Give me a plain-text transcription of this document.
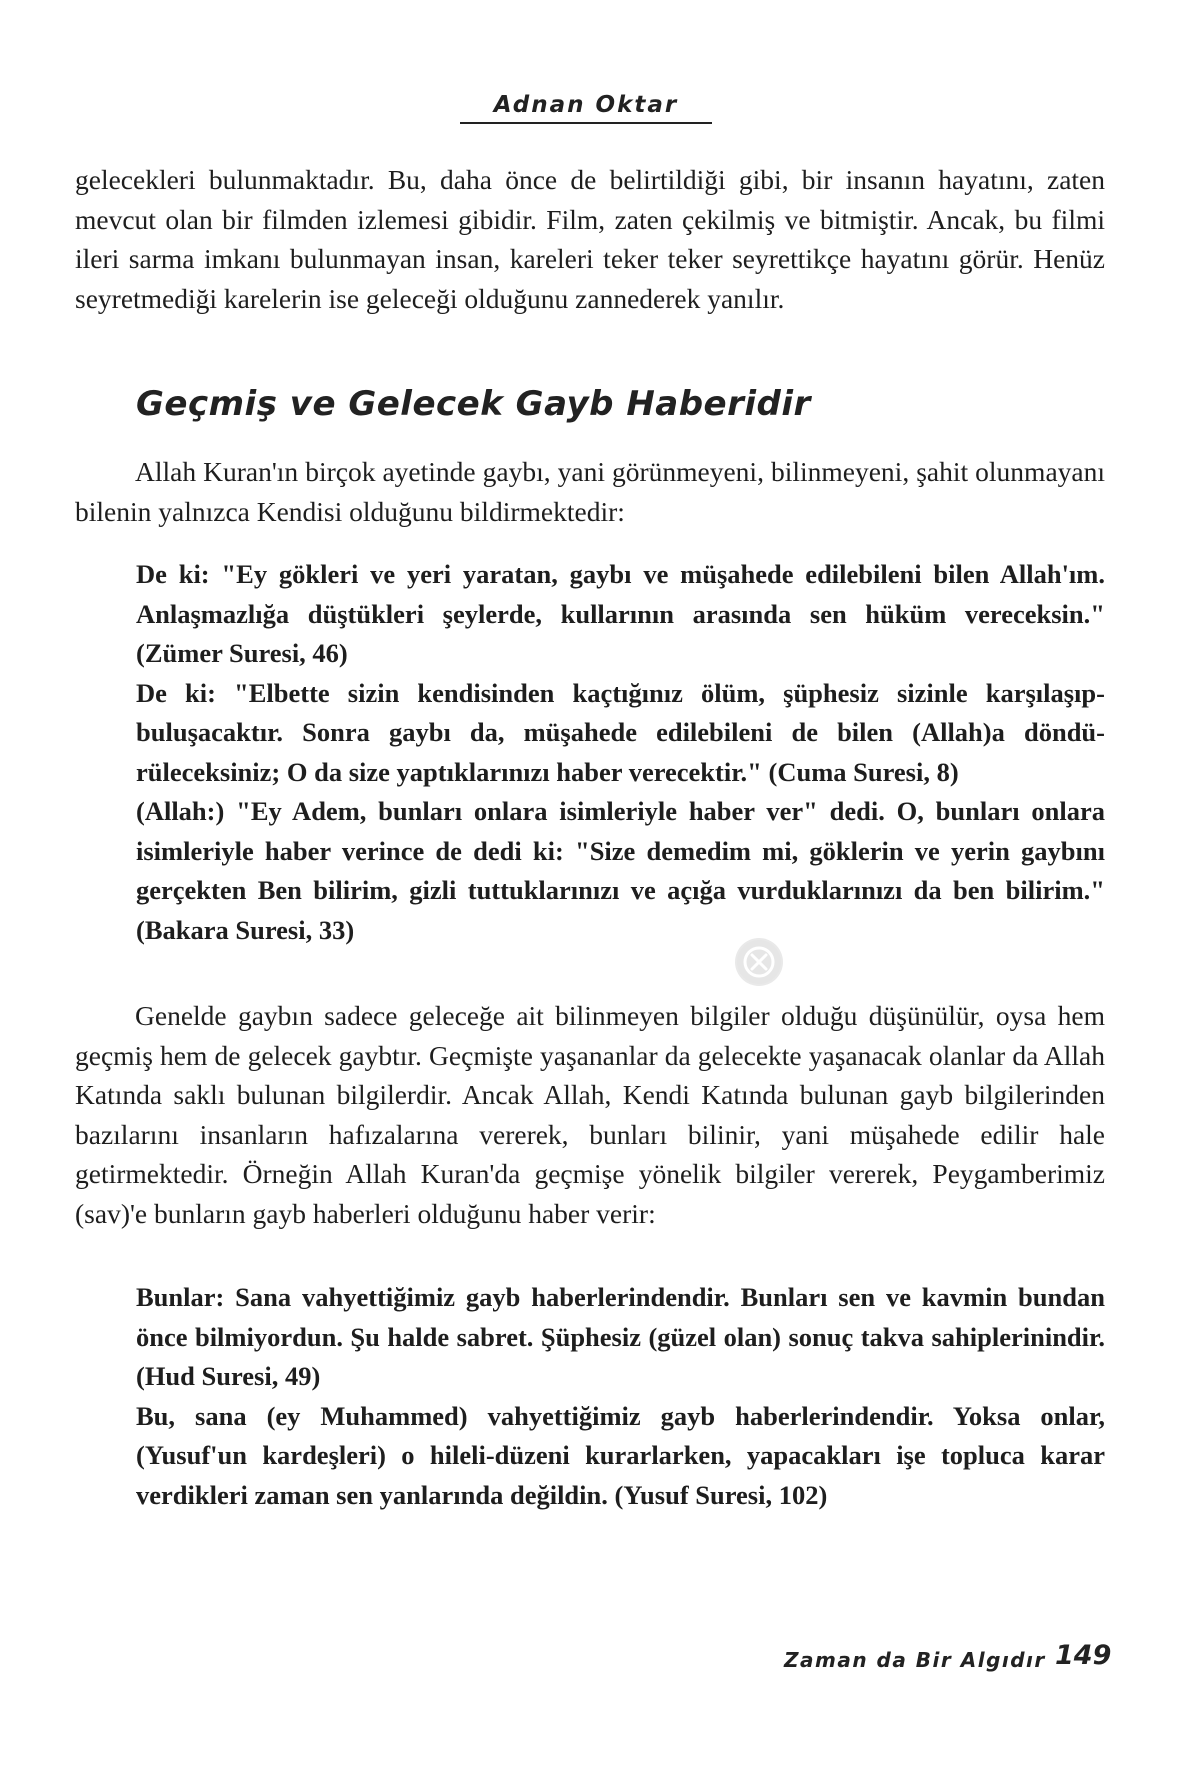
Adnan Oktar

gelecekleri bulunmaktadır. Bu, daha önce de belirtildiği gibi, bir insanın hayatını, zaten mevcut olan bir filmden izlemesi gibidir. Film, zaten çekilmiş ve bitmiştir. Ancak, bu filmi ileri sarma imkanı bulunmayan insan, kareleri teker teker seyrettikçe hayatını görür. Henüz seyretmediği karelerin ise geleceği olduğunu zannederek yanılır.

Geçmiş ve Gelecek Gayb Haberidir

Allah Kuran'ın birçok ayetinde gaybı, yani görünmeyeni, bilinmeyeni, şahit olunmayanı bilenin yalnızca Kendisi olduğunu bildirmektedir:

De ki: "Ey gökleri ve yeri yaratan, gaybı ve müşahede edilebileni bilen Allah'ım. Anlaşmazlığa düştükleri şeylerde, kullarının arasında sen hüküm vereceksin." (Zümer Suresi, 46)

De ki: "Elbette sizin kendisinden kaçtığınız ölüm, şüphesiz sizinle karşılaşıpbuluşacaktır. Sonra gaybı da, müşahede edilebileni de bilen (Allah)a döndürüleceksiniz; O da size yaptıklarınızı haber verecektir." (Cuma Suresi, 8)

(Allah:) "Ey Adem, bunları onlara isimleriyle haber ver" dedi. O, bunları onlara isimleriyle haber verince de dedi ki: "Size demedim mi, göklerin ve yerin gaybını gerçekten Ben bilirim, gizli tuttuklarınızı ve açığa vurduklarınızı da ben bilirim." (Bakara Suresi, 33)

Genelde gaybın sadece geleceğe ait bilinmeyen bilgiler olduğu düşünülür, oysa hem geçmiş hem de gelecek gaybtır. Geçmişte yaşananlar da gelecekte yaşanacak olanlar da Allah Katında saklı bulunan bilgilerdir. Ancak Allah, Kendi Katında bulunan gayb bilgilerinden bazılarını insanların hafızalarına vererek, bunları bilinir, yani müşahede edilir hale getirmektedir. Örneğin Allah Kuran'da geçmişe yönelik bilgiler vererek, Peygamberimiz (sav)'e bunların gayb haberleri olduğunu haber verir:

Bunlar: Sana vahyettiğimiz gayb haberlerindendir. Bunları sen ve kavmin bundan önce bilmiyordun. Şu halde sabret. Şüphesiz (güzel olan) sonuç takva sahiplerinindir. (Hud Suresi, 49)

Bu, sana (ey Muhammed) vahyettiğimiz gayb haberlerindendir. Yoksa onlar, (Yusuf'un kardeşleri) o hileli-düzeni kurarlarken, yapacakları işe topluca karar verdikleri zaman sen yanlarında değildin. (Yusuf Suresi, 102)

Zaman da Bir Algıdır 149
